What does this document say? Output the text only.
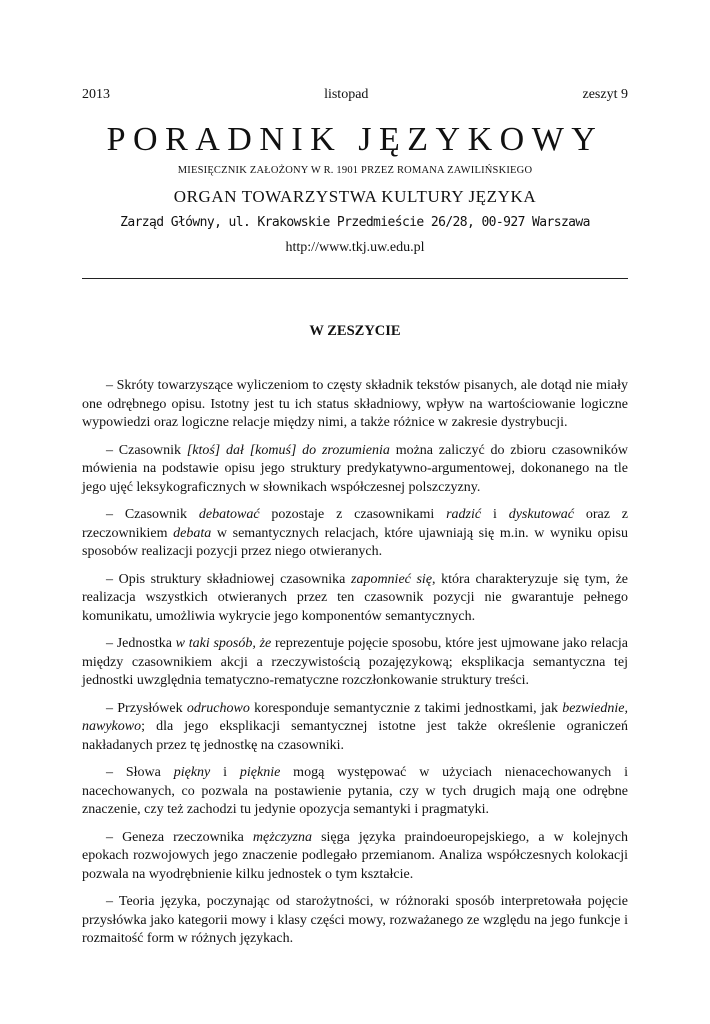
2013	listopad	zeszyt 9
PORADNIK JĘZYKOWY
MIESIĘCZNIK ZAŁOŻONY W R. 1901 PRZEZ ROMANA ZAWILIŃSKIEGO
ORGAN TOWARZYSTWA KULTURY JĘZYKA
Zarząd Główny, ul. Krakowskie Przedmieście 26/28, 00-927 Warszawa
http://www.tkj.uw.edu.pl
W ZESZYCIE

– Skróty towarzyszące wyliczeniom to częsty składnik tekstów pisanych, ale dotąd nie miały one odrębnego opisu. Istotny jest tu ich status składniowy, wpływ na wartościowanie logiczne wypowiedzi oraz logiczne relacje między nimi, a także różnice w zakresie dystrybucji.

– Czasownik [ktoś] dał [komuś] do zrozumienia można zaliczyć do zbioru czasowników mówienia na podstawie opisu jego struktury predykatywno-argumentowej, dokonanego na tle jego ujęć leksykograficznych w słownikach współczesnej polszczyzny.

– Czasownik debatować pozostaje z czasownikami radzić i dyskutować oraz z rzeczownikiem debata w semantycznych relacjach, które ujawniają się m.in. w wyniku opisu sposobów realizacji pozycji przez niego otwieranych.

– Opis struktury składniowej czasownika zapomnieć się, która charakteryzuje się tym, że realizacja wszystkich otwieranych przez ten czasownik pozycji nie gwarantuje pełnego komunikatu, umożliwia wykrycie jego komponentów semantycznych.

– Jednostka w taki sposób, że reprezentuje pojęcie sposobu, które jest ujmowane jako relacja między czasownikiem akcji a rzeczywistością pozajęzykową; eksplikacja semantyczna tej jednostki uwzględnia tematyczno-rematyczne rozczłonkowanie struktury treści.

– Przysłówek odruchowo koresponduje semantycznie z takimi jednostkami, jak bezwiednie, nawykowo; dla jego eksplikacji semantycznej istotne jest także określenie ograniczeń nakładanych przez tę jednostkę na czasowniki.

– Słowa piękny i pięknie mogą występować w użyciach nienacechowanych i nacechowanych, co pozwala na postawienie pytania, czy w tych drugich mają one odrębne znaczenie, czy też zachodzi tu jedynie opozycja semantyki i pragmatyki.

– Geneza rzeczownika mężczyzna sięga języka praindoeuropejskiego, a w kolejnych epokach rozwojowych jego znaczenie podlegało przemianom. Analiza współczesnych kolokacji pozwala na wyodrębnienie kilku jednostek o tym kształcie.

– Teoria języka, poczynając od starożytności, w różnoraki sposób interpretowała pojęcie przysłówka jako kategorii mowy i klasy części mowy, rozważanego ze względu na jego funkcje i rozmaitość form w różnych językach.
